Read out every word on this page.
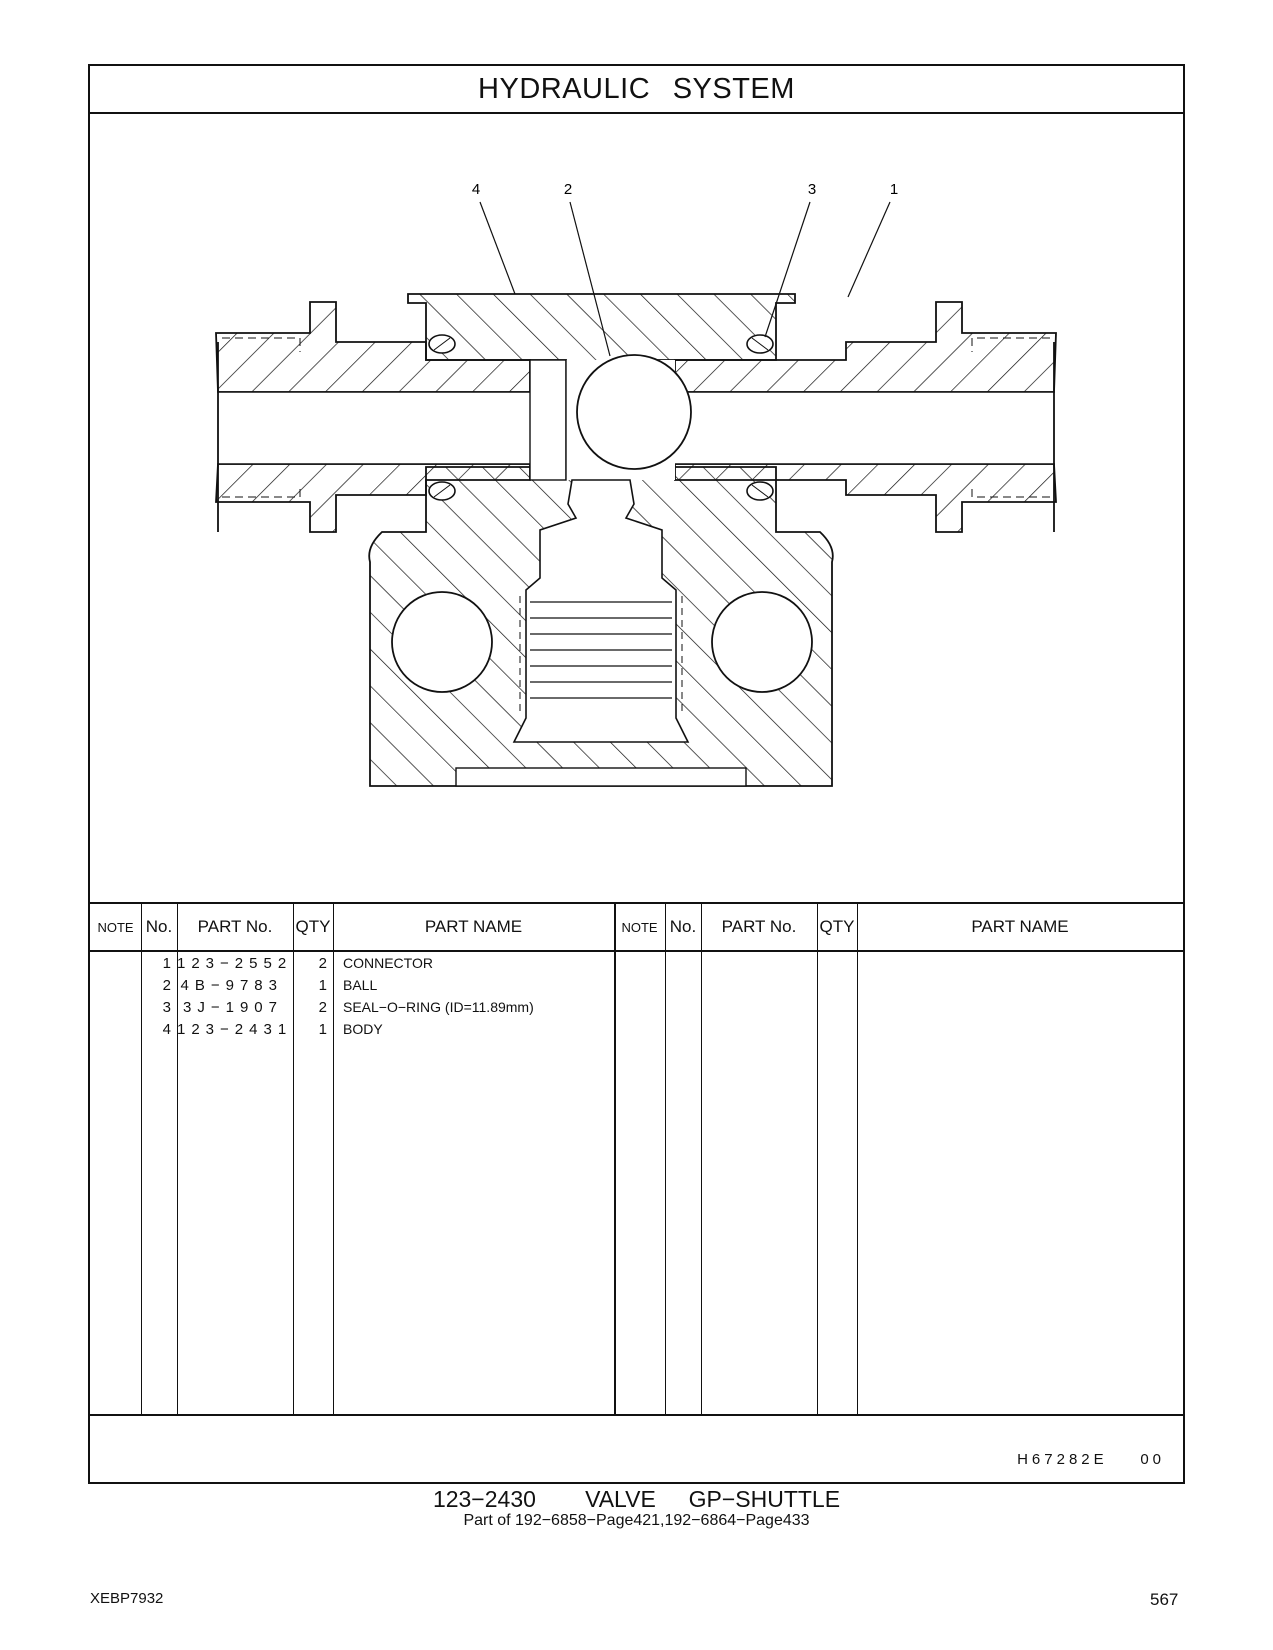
HYDRAULIC SYSTEM
4	2	3	1
NOTE No.	PART No.	QTY	PART NAME	NOTE No.	PART No.	QTY	PART NAME
1 123−2552	2 CONNECTOR
2 4B−9783	1 BALL
3 3J−1907	2 SEAL−O−RING (ID=11.89mm)
4 123−2431	1 BODY
H67282E    00
123−2430   VALVE  GP−SHUTTLE
Part of 192−6858−Page421,192−6864−Page433
XEBP7932	567
